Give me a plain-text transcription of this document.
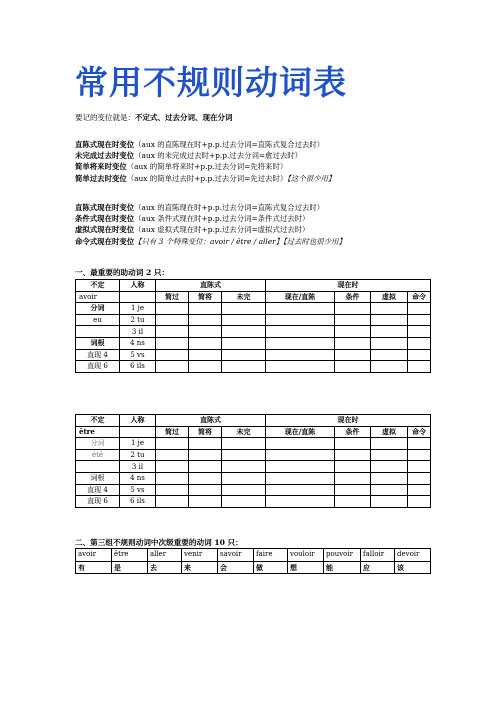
常用不规则动词表
要记的变位就是：不定式、过去分词、现在分词
直陈式现在时变位（aux 的直陈现在时+p.p.过去分词=直陈式复合过去时）
未完成过去时变位（aux 的未完成过去时+p.p.过去分词=愈过去时）
简单将来时变位（aux 的简单将来时+p.p.过去分词=先将来时）
简单过去时变位（aux 的简单过去时+p.p.过去分词=先过去时）【这个很少用】
直陈式现在时变位（aux 的直陈现在时+p.p.过去分词=直陈式复合过去时）
条件式现在时变位（aux 条件式现在时+p.p.过去分词=条件式过去时）
虚拟式现在时变位（aux 虚拟式现在时+p.p.过去分词=虚拟式过去时）
命令式现在时变位【只有 3 个特殊变位：avoir / être / aller】【过去时也很少用】
一、最重要的助动词 2 只：
不定	人称	直陈式			现在时			
avoir		简过	简将	未完	现在/直陈	条件	虚拟	命令
分词	1 je							
eu	2 tu							
	3 il							
词根	4 ns							
直现 4	5 vs							
直现 6	6 ils							
不定	人称	直陈式			现在时			
être		简过	简将	未完	现在/直陈	条件	虚拟	命令
分词	1 je							
été	2 tu							
	3 il							
词根	4 ns							
直现 4	5 vs							
直现 6	6 ils							
二、第三组不规则动词中次级重要的动词 10 只：
avoir	être	aller	venir	savoir	faire	vouloir	pouvoir	falloir	devoir
有	是	去	来	会	做	想	能	应	该
